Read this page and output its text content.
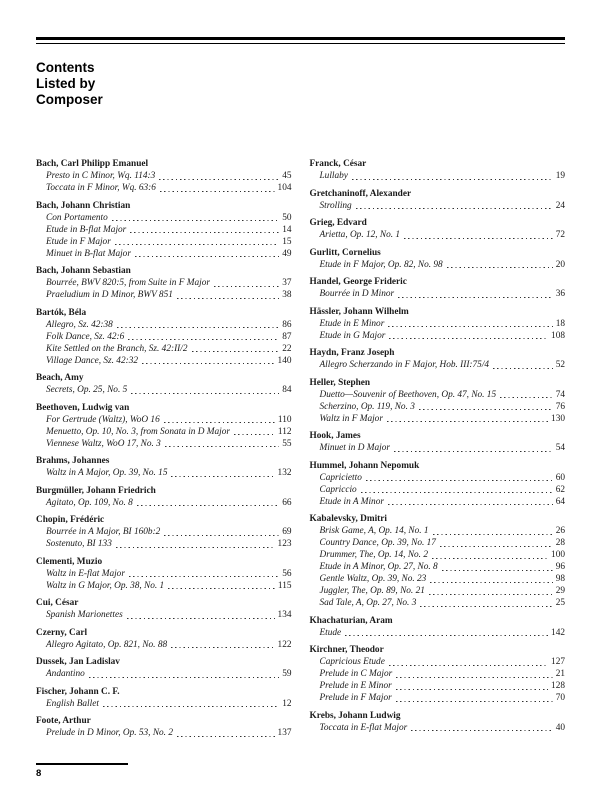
Contents
Listed by
Composer
Bach, Carl Philipp Emanuel
Presto in C Minor, Wq. 114:3	45
Toccata in F Minor, Wq. 63:6	104
Bach, Johann Christian
Con Portamento	50
Etude in B-flat Major	14
Etude in F Major	15
Minuet in B-flat Major	49
Bach, Johann Sebastian
Bourrée, BWV 820:5, from Suite in F Major	37
Praeludium in D Minor, BWV 851	38
Bartók, Béla
Allegro, Sz. 42:38	86
Folk Dance, Sz. 42:6	87
Kite Settled on the Branch, Sz. 42:II/2	22
Village Dance, Sz. 42:32	140
Beach, Amy
Secrets, Op. 25, No. 5	84
Beethoven, Ludwig van
For Gertrude (Waltz), WoO 16	110
Menuetto, Op. 10, No. 3, from Sonata in D Major	112
Viennese Waltz, WoO 17, No. 3	55
Brahms, Johannes
Waltz in A Major, Op. 39, No. 15	132
Burgmüller, Johann Friedrich
Agitato, Op. 109, No. 8	66
Chopin, Frédéric
Bourrée in A Major, BI 160b:2	69
Sostenuto, BI 133	123
Clementi, Muzio
Waltz in E-flat Major	56
Waltz in G Major, Op. 38, No. 1	115
Cui, César
Spanish Marionettes	134
Czerny, Carl
Allegro Agitato, Op. 821, No. 88	122
Dussek, Jan Ladislav
Andantino	59
Fischer, Johann C. F.
English Ballet	12
Foote, Arthur
Prelude in D Minor, Op. 53, No. 2	137
Franck, César
Lullaby	19
Gretchaninoff, Alexander
Strolling	24
Grieg, Edvard
Arietta, Op. 12, No. 1	72
Gurlitt, Cornelius
Etude in F Major, Op. 82, No. 98	20
Handel, George Frideric
Bourrée in D Minor	36
Hässler, Johann Wilhelm
Etude in E Minor	18
Etude in G Major	108
Haydn, Franz Joseph
Allegro Scherzando in F Major, Hob. III:75/4	52
Heller, Stephen
Duetto—Souvenir of Beethoven, Op. 47, No. 15	74
Scherzino, Op. 119, No. 3	76
Waltz in F Major	130
Hook, James
Minuet in D Major	54
Hummel, Johann Nepomuk
Capricietto	60
Capriccio	62
Etude in A Minor	64
Kabalevsky, Dmitri
Brisk Game, A, Op. 14, No. 1	26
Country Dance, Op. 39, No. 17	28
Drummer, The, Op. 14, No. 2	100
Etude in A Minor, Op. 27, No. 8	96
Gentle Waltz, Op. 39, No. 23	98
Juggler, The, Op. 89, No. 21	29
Sad Tale, A, Op. 27, No. 3	25
Khachaturian, Aram
Etude	142
Kirchner, Theodor
Capricious Etude	127
Prelude in C Major	21
Prelude in E Minor	128
Prelude in F Major	70
Krebs, Johann Ludwig
Toccata in E-flat Major	40
8
